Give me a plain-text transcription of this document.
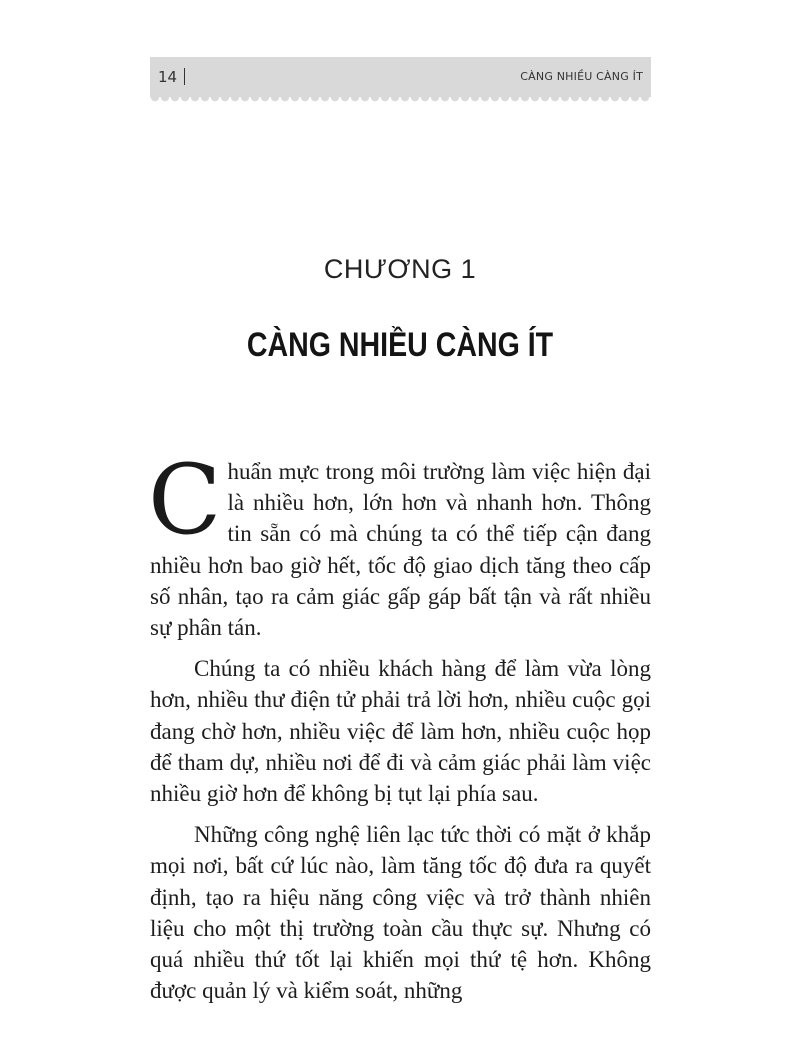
14	CÀNG NHIỀU CÀNG ÍT
CHƯƠNG 1
CÀNG NHIỀU CÀNG ÍT

Chuẩn mực trong môi trường làm việc hiện đại là nhiều hơn, lớn hơn và nhanh hơn. Thông tin sẵn có mà chúng ta có thể tiếp cận đang nhiều hơn bao giờ hết, tốc độ giao dịch tăng theo cấp số nhân, tạo ra cảm giác gấp gáp bất tận và rất nhiều sự phân tán.

Chúng ta có nhiều khách hàng để làm vừa lòng hơn, nhiều thư điện tử phải trả lời hơn, nhiều cuộc gọi đang chờ hơn, nhiều việc để làm hơn, nhiều cuộc họp để tham dự, nhiều nơi để đi và cảm giác phải làm việc nhiều giờ hơn để không bị tụt lại phía sau.

Những công nghệ liên lạc tức thời có mặt ở khắp mọi nơi, bất cứ lúc nào, làm tăng tốc độ đưa ra quyết định, tạo ra hiệu năng công việc và trở thành nhiên liệu cho một thị trường toàn cầu thực sự. Nhưng có quá nhiều thứ tốt lại khiến mọi thứ tệ hơn. Không được quản lý và kiểm soát, những
